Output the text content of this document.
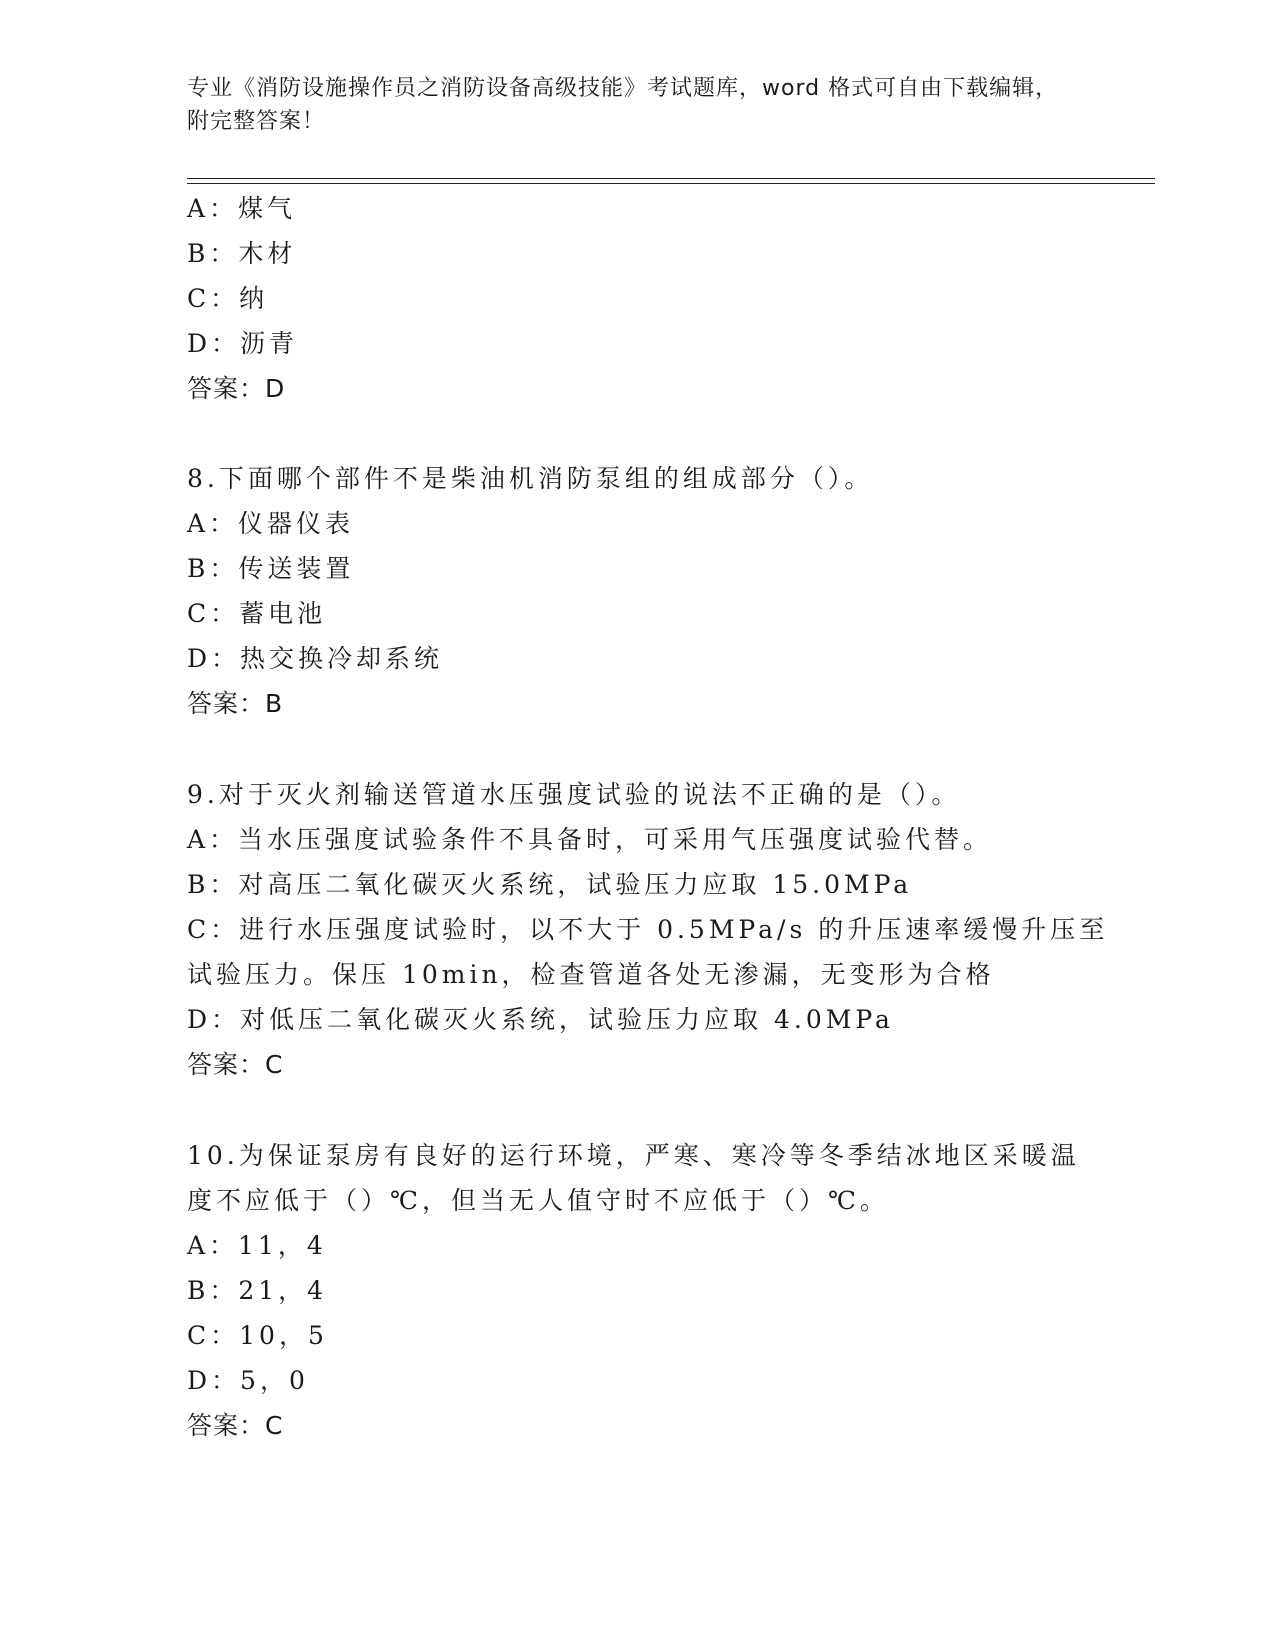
专业《消防设施操作员之消防设备高级技能》考试题库，word 格式可自由下载编辑，附完整答案！
A：煤气
B：木材
C：纳
D：沥青
答案：D
8.下面哪个部件不是柴油机消防泵组的组成部分（）。
A：仪器仪表
B：传送装置
C：蓄电池
D：热交换冷却系统
答案：B
9.对于灭火剂输送管道水压强度试验的说法不正确的是（）。
A：当水压强度试验条件不具备时，可采用气压强度试验代替。
B：对高压二氧化碳灭火系统，试验压力应取 15.0MPa
C：进行水压强度试验时，以不大于 0.5MPa/s 的升压速率缓慢升压至
试验压力。保压 10min，检查管道各处无渗漏，无变形为合格
D：对低压二氧化碳灭火系统，试验压力应取 4.0MPa
答案：C
10.为保证泵房有良好的运行环境，严寒、寒冷等冬季结冰地区采暖温
度不应低于（）℃，但当无人值守时不应低于（）℃。
A：11，4
B：21，4
C：10，5
D：5，0
答案：C
